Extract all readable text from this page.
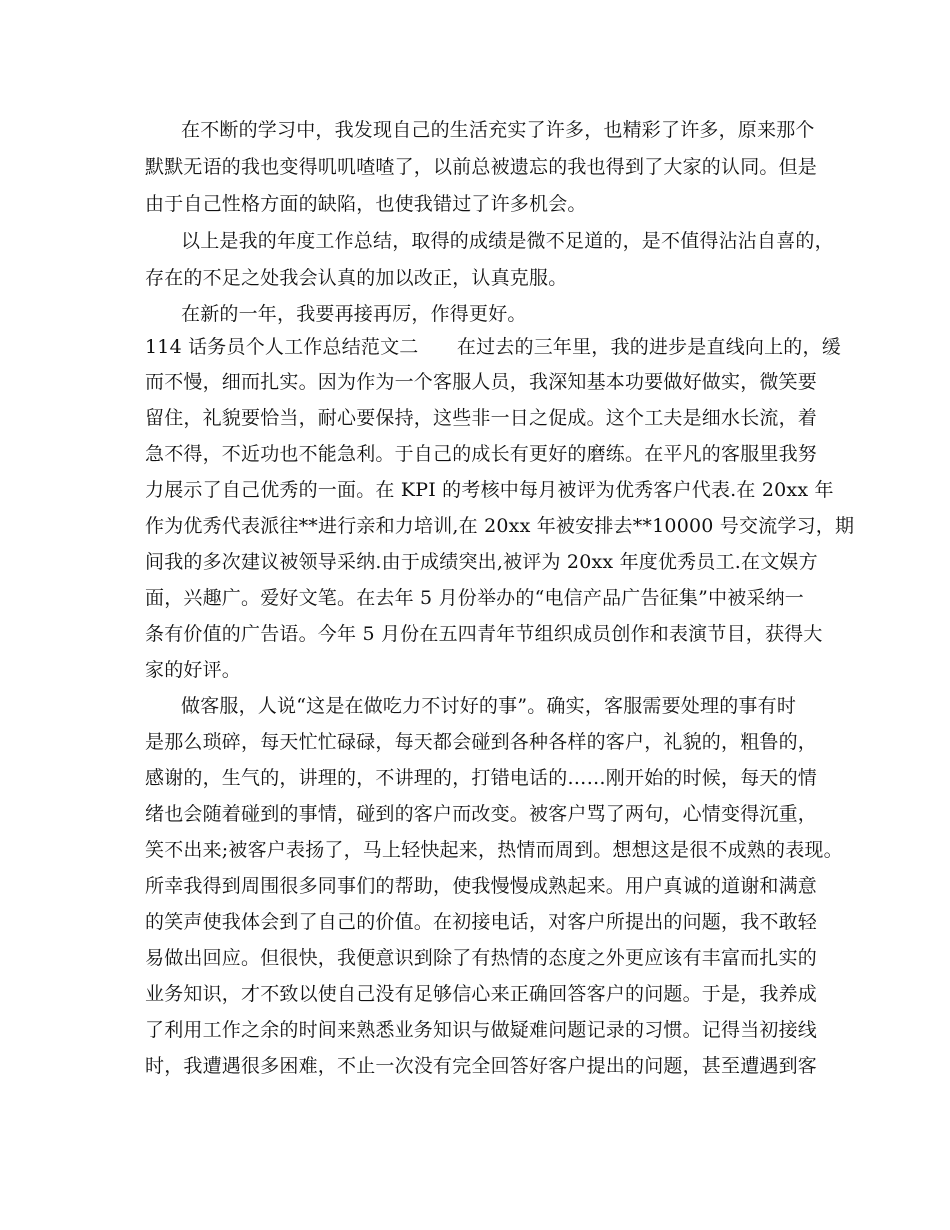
在不断的学习中，我发现自己的生活充实了许多，也精彩了许多，原来那个
默默无语的我也变得叽叽喳喳了，以前总被遗忘的我也得到了大家的认同。但是
由于自己性格方面的缺陷，也使我错过了许多机会。
以上是我的年度工作总结，取得的成绩是微不足道的，是不值得沾沾自喜的，
存在的不足之处我会认真的加以改正，认真克服。
在新的一年，我要再接再厉，作得更好。
114 话务员个人工作总结范文二　　在过去的三年里，我的进步是直线向上的，缓
而不慢，细而扎实。因为作为一个客服人员，我深知基本功要做好做实，微笑要
留住，礼貌要恰当，耐心要保持，这些非一日之促成。这个工夫是细水长流，着
急不得，不近功也不能急利。于自己的成长有更好的磨练。在平凡的客服里我努
力展示了自己优秀的一面。在 KPI 的考核中每月被评为优秀客户代表.在 20xx 年
作为优秀代表派往**进行亲和力培训,在 20xx 年被安排去**10000 号交流学习，期
间我的多次建议被领导采纳.由于成绩突出,被评为 20xx 年度优秀员工.在文娱方
面，兴趣广。爱好文笔。在去年 5 月份举办的“电信产品广告征集”中被采纳一
条有价值的广告语。今年 5 月份在五四青年节组织成员创作和表演节目，获得大
家的好评。
做客服，人说“这是在做吃力不讨好的事”。确实，客服需要处理的事有时
是那么琐碎，每天忙忙碌碌，每天都会碰到各种各样的客户，礼貌的，粗鲁的，
感谢的，生气的，讲理的，不讲理的，打错电话的……刚开始的时候，每天的情
绪也会随着碰到的事情，碰到的客户而改变。被客户骂了两句，心情变得沉重，
笑不出来;被客户表扬了，马上轻快起来，热情而周到。想想这是很不成熟的表现。
所幸我得到周围很多同事们的帮助，使我慢慢成熟起来。用户真诚的道谢和满意
的笑声使我体会到了自己的价值。在初接电话，对客户所提出的问题，我不敢轻
易做出回应。但很快，我便意识到除了有热情的态度之外更应该有丰富而扎实的
业务知识，才不致以使自己没有足够信心来正确回答客户的问题。于是，我养成
了利用工作之余的时间来熟悉业务知识与做疑难问题记录的习惯。记得当初接线
时，我遭遇很多困难，不止一次没有完全回答好客户提出的问题，甚至遭遇到客
